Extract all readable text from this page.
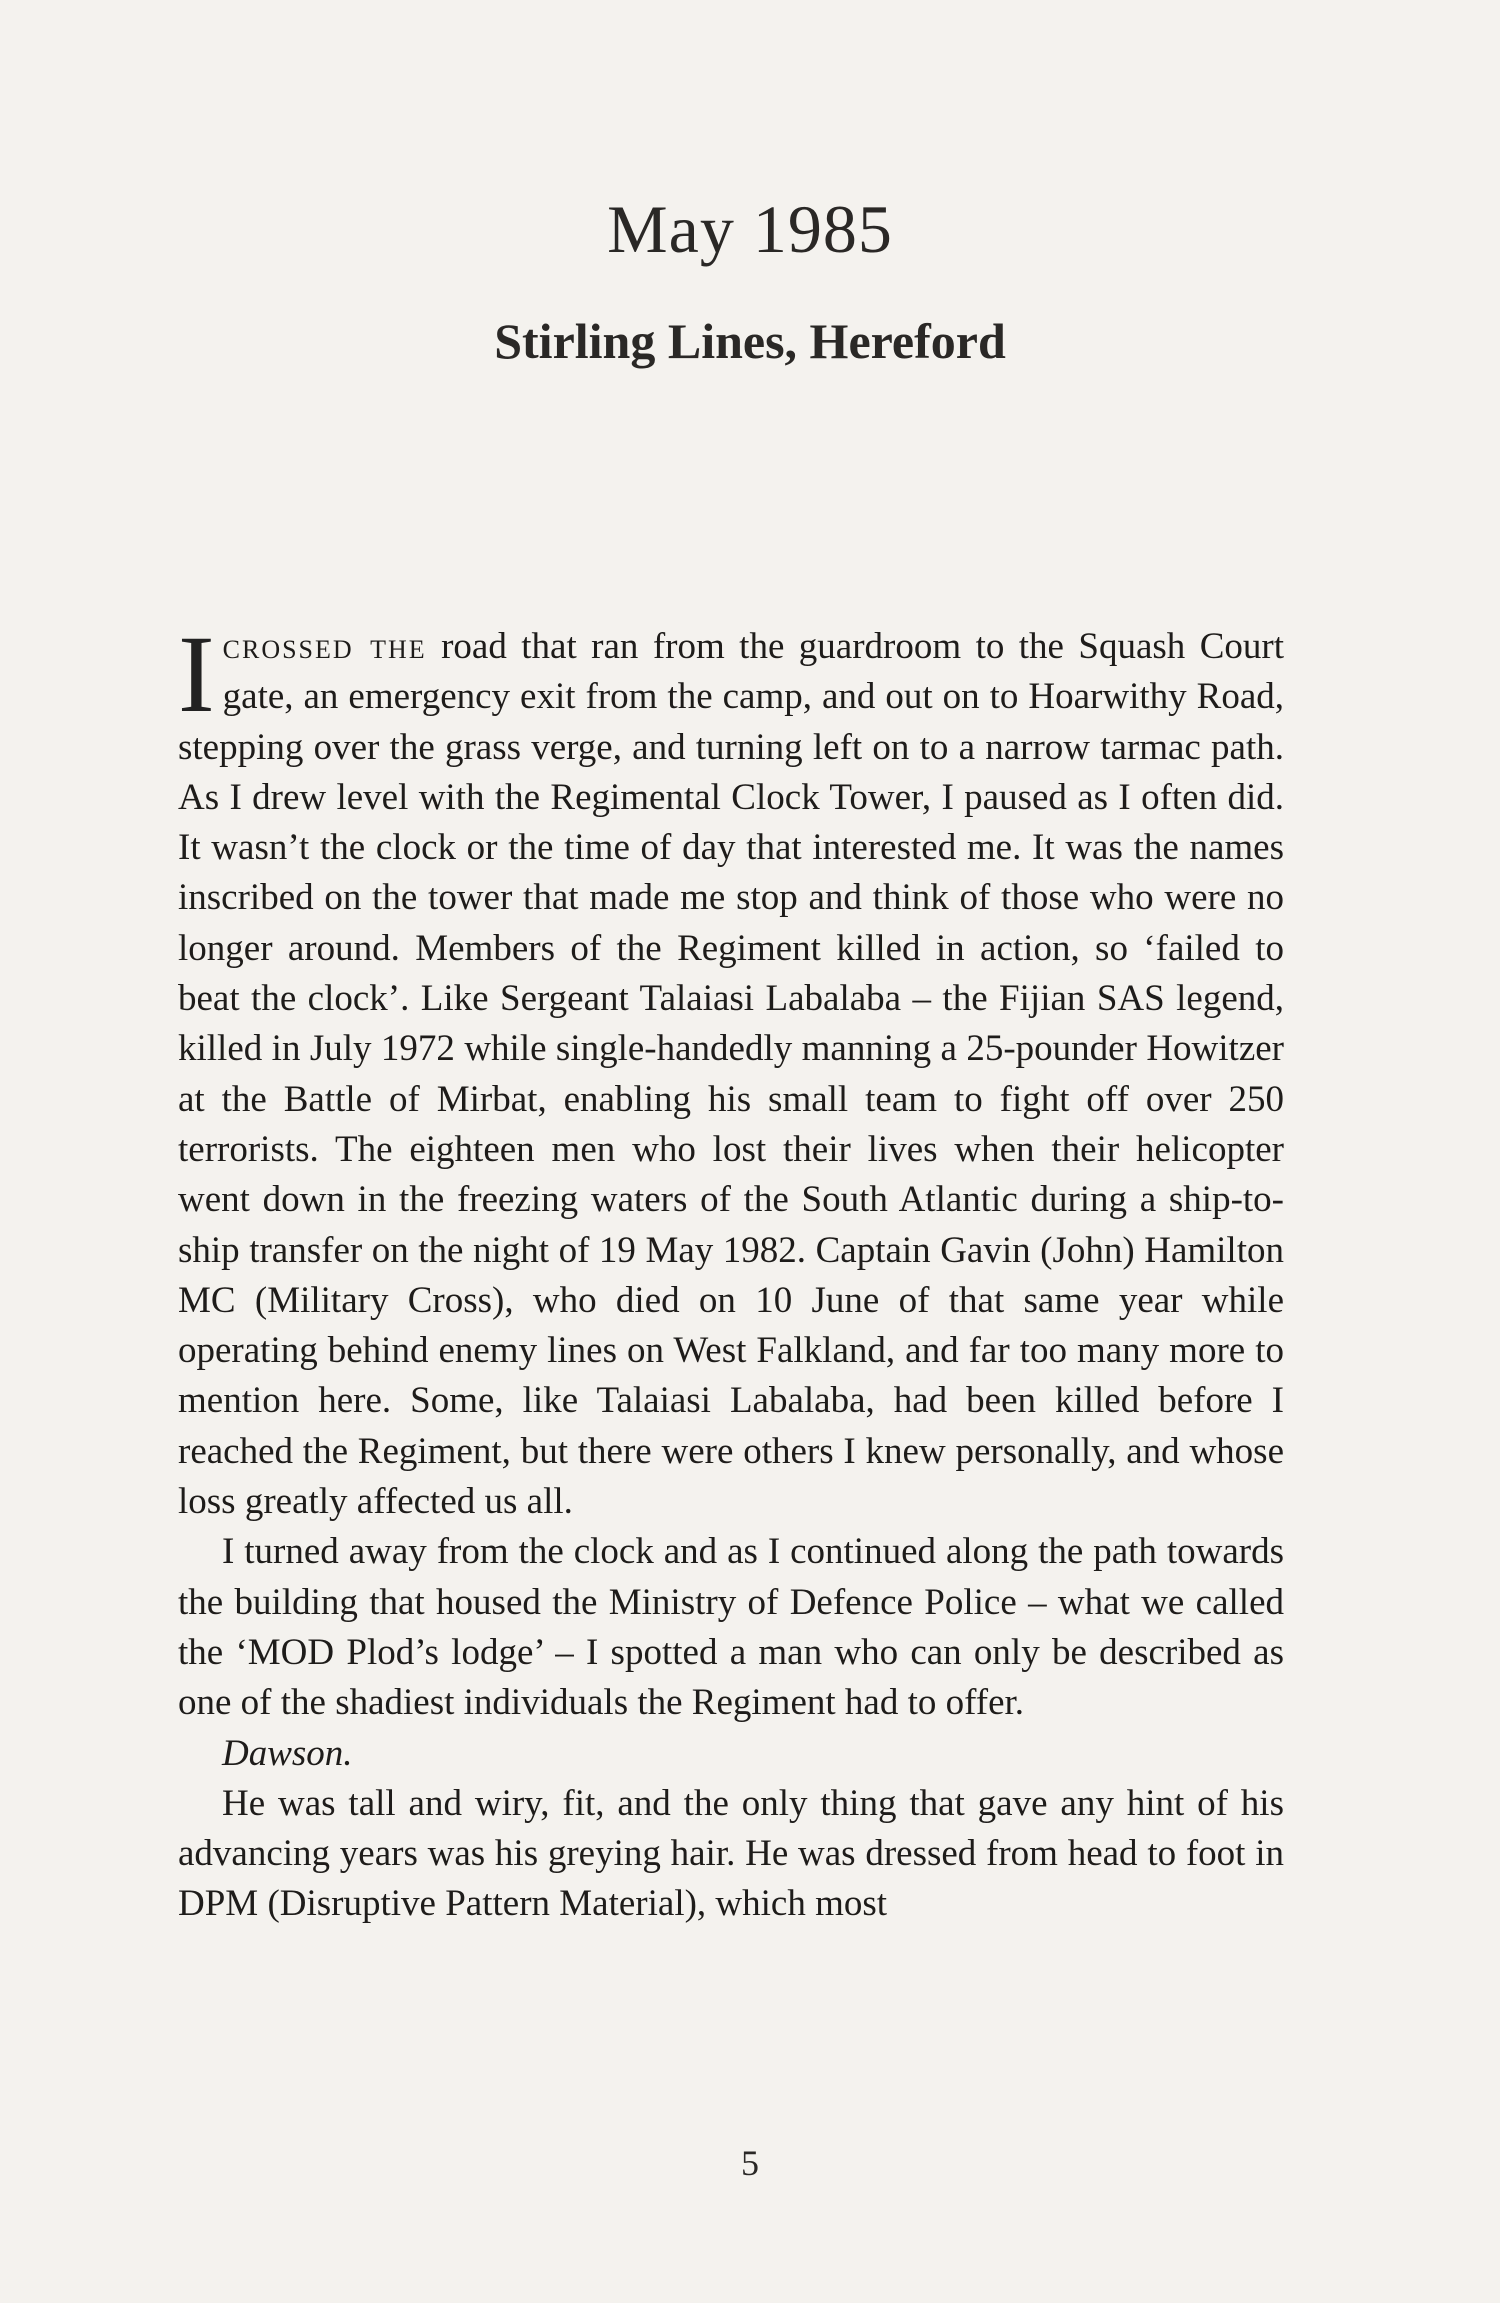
May 1985
Stirling Lines, Hereford

Icrossed the road that ran from the guardroom to the Squash Court gate, an emergency exit from the camp, and out on to Hoarwithy Road, stepping over the grass verge, and turning left on to a narrow tarmac path. As I drew level with the Regimental Clock Tower, I paused as I often did. It wasn’t the clock or the time of day that interested me. It was the names inscribed on the tower that made me stop and think of those who were no longer around. Members of the Regiment killed in action, so ‘failed to beat the clock’. Like Sergeant Talaiasi Labalaba – the Fijian SAS legend, killed in July 1972 while single-handedly manning a 25-pounder Howitzer at the Battle of Mirbat, enabling his small team to fight off over 250 terrorists. The eighteen men who lost their lives when their helicopter went down in the freezing waters of the South Atlantic during a ship-to-ship transfer on the night of 19 May 1982. Captain Gavin (John) Hamilton MC (Military Cross), who died on 10 June of that same year while operating behind enemy lines on West Falkland, and far too many more to mention here. Some, like Talaiasi Labalaba, had been killed before I reached the Regiment, but there were others I knew personally, and whose loss greatly affected us all.

I turned away from the clock and as I continued along the path towards the building that housed the Ministry of Defence Police – what we called the ‘MOD Plod’s lodge’ – I spotted a man who can only be described as one of the shadiest individuals the Regiment had to offer.

Dawson.

He was tall and wiry, fit, and the only thing that gave any hint of his advancing years was his greying hair. He was dressed from head to foot in DPM (Disruptive Pattern Material), which most

5
